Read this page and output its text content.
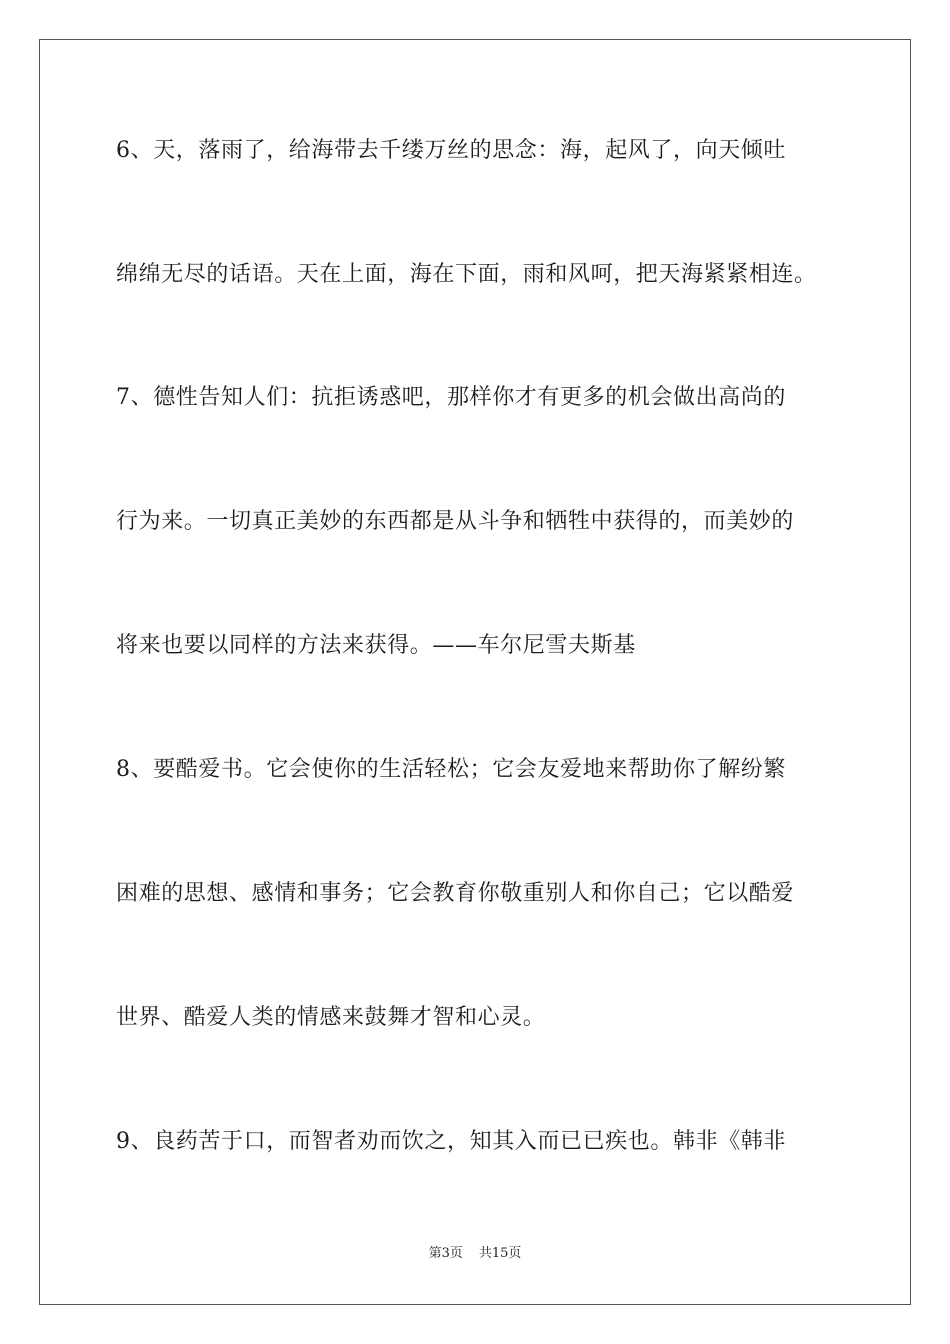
6、天，落雨了，给海带去千缕万丝的思念：海，起风了，向天倾吐
绵绵无尽的话语。天在上面，海在下面，雨和风呵，把天海紧紧相连。
7、德性告知人们：抗拒诱惑吧，那样你才有更多的机会做出高尚的
行为来。一切真正美妙的东西都是从斗争和牺牲中获得的，而美妙的
将来也要以同样的方法来获得。——车尔尼雪夫斯基
8、要酷爱书。它会使你的生活轻松；它会友爱地来帮助你了解纷繁
困难的思想、感情和事务；它会教育你敬重别人和你自己；它以酷爱
世界、酷爱人类的情感来鼓舞才智和心灵。
9、良药苦于口，而智者劝而饮之，知其入而已已疾也。韩非《韩非
第3页 共15页
